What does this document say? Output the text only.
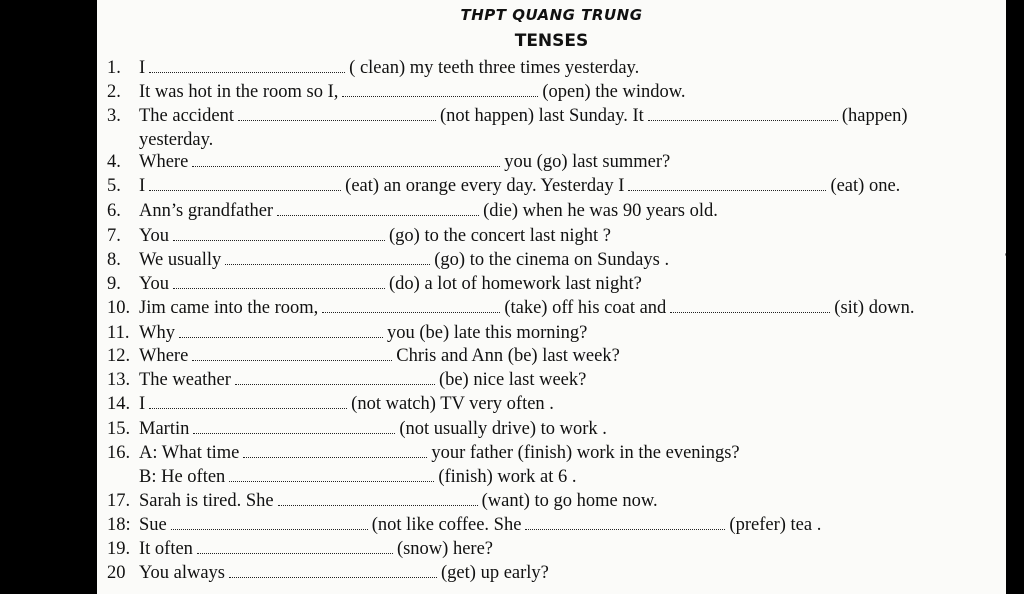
THPT QUANG TRUNG
TENSES
1. I	( clean) my teeth three times yesterday.
2. It was hot in the room so I,	(open) the window.
3. The accident	(not happen) last Sunday. It	(happen)
yesterday.
4. Where	you (go) last summer?
5. I	(eat) an orange every day. Yesterday I	(eat) one.
6. Ann’s grandfather	(die) when he was 90 years old.
7. You	(go) to the concert last night ?
8. We usually	(go) to the cinema on Sundays .
9. You	(do) a lot of homework last night?
10. Jim came into the room,	(take) off his coat and	(sit) down.
11. Why	you (be) late this morning?
12. Where	Chris and Ann (be) last week?
13. The weather	(be) nice last week?
14. I	(not watch) TV very often .
15. Martin	(not usually drive) to work .
16. A: What time	your father (finish) work in the evenings?
B: He often	(finish) work at 6 .
17. Sarah is tired. She	(want) to go home now.
18: Sue	(not like coffee. She	(prefer) tea .
19. It often	(snow) here?
20 You always	(get) up early?
